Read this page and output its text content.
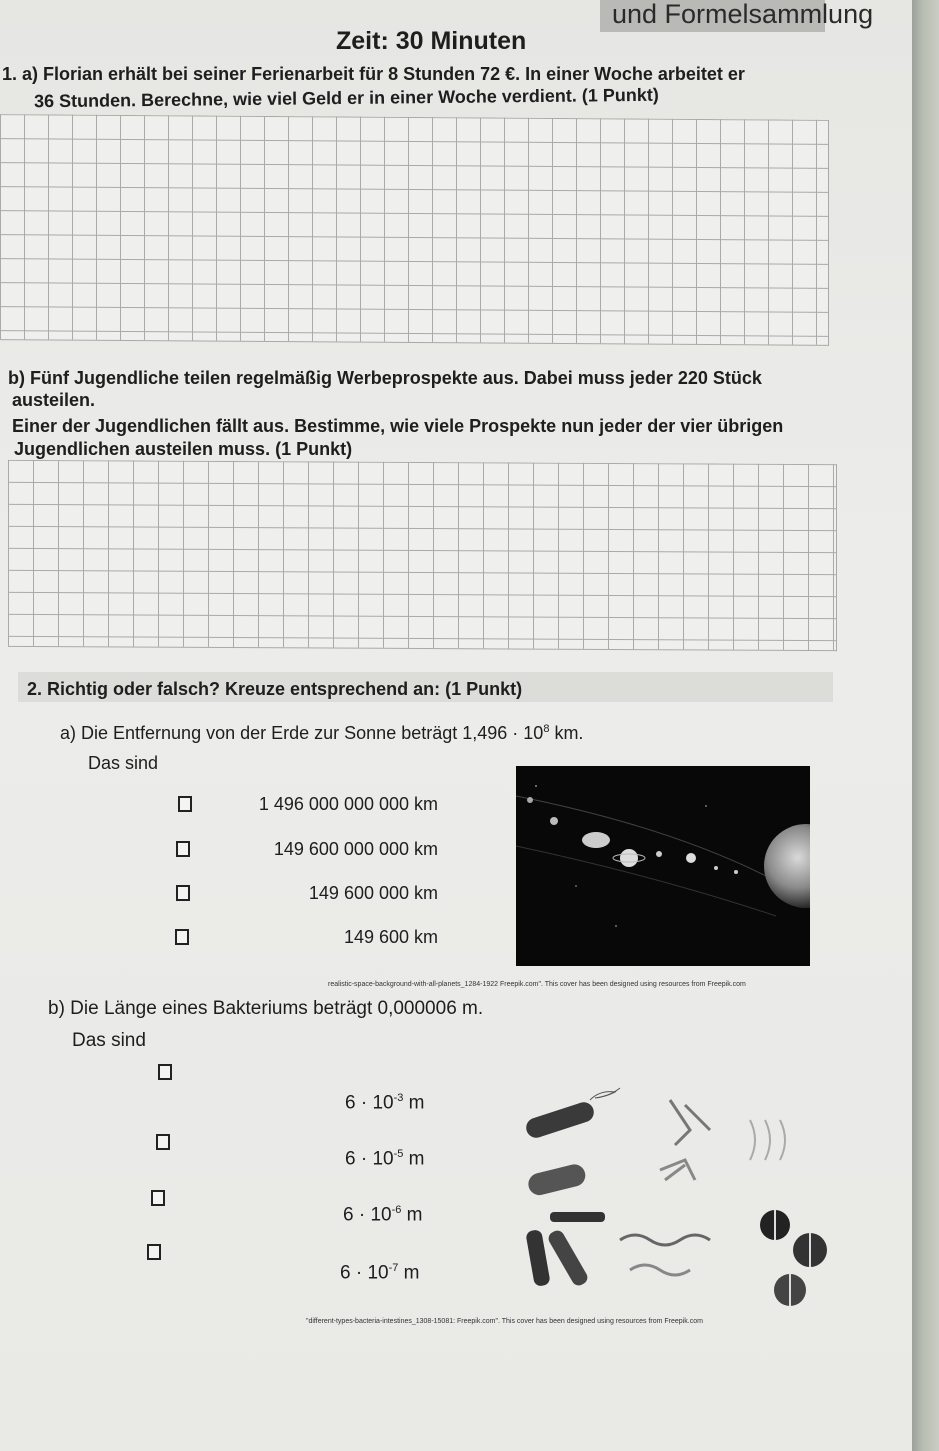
und Formelsammlung
Zeit: 30 Minuten
1. a) Florian erhält bei seiner Ferienarbeit für 8 Stunden 72 €. In einer Woche arbeitet er
36 Stunden. Berechne, wie viel Geld er in einer Woche verdient. (1 Punkt)
b) Fünf Jugendliche teilen regelmäßig Werbeprospekte aus. Dabei muss jeder 220 Stück
austeilen.
Einer der Jugendlichen fällt aus. Bestimme, wie viele Prospekte nun jeder der vier übrigen
Jugendlichen austeilen muss. (1 Punkt)
2. Richtig oder falsch? Kreuze entsprechend an: (1 Punkt)
a) Die Entfernung von der Erde zur Sonne beträgt $1,496 \cdot 10^8$ km.
Das sind
1 496 000 000 000 km
149 600 000 000 km
149 600 000 km
149 600 km
realistic-space-background-with-all-planets_1284-1922 Freepik.com". This cover has been designed using resources from Freepik.com
b) Die Länge eines Bakteriums beträgt 0,000006 m.
Das sind
$6 \cdot 10^{-3}$ m
$6 \cdot 10^{-5}$ m
$6 \cdot 10^{-6}$ m
$6 \cdot 10^{-7}$ m
"different-types-bacteria-intestines_1308-15081: Freepik.com". This cover has been designed using resources from Freepik.com
